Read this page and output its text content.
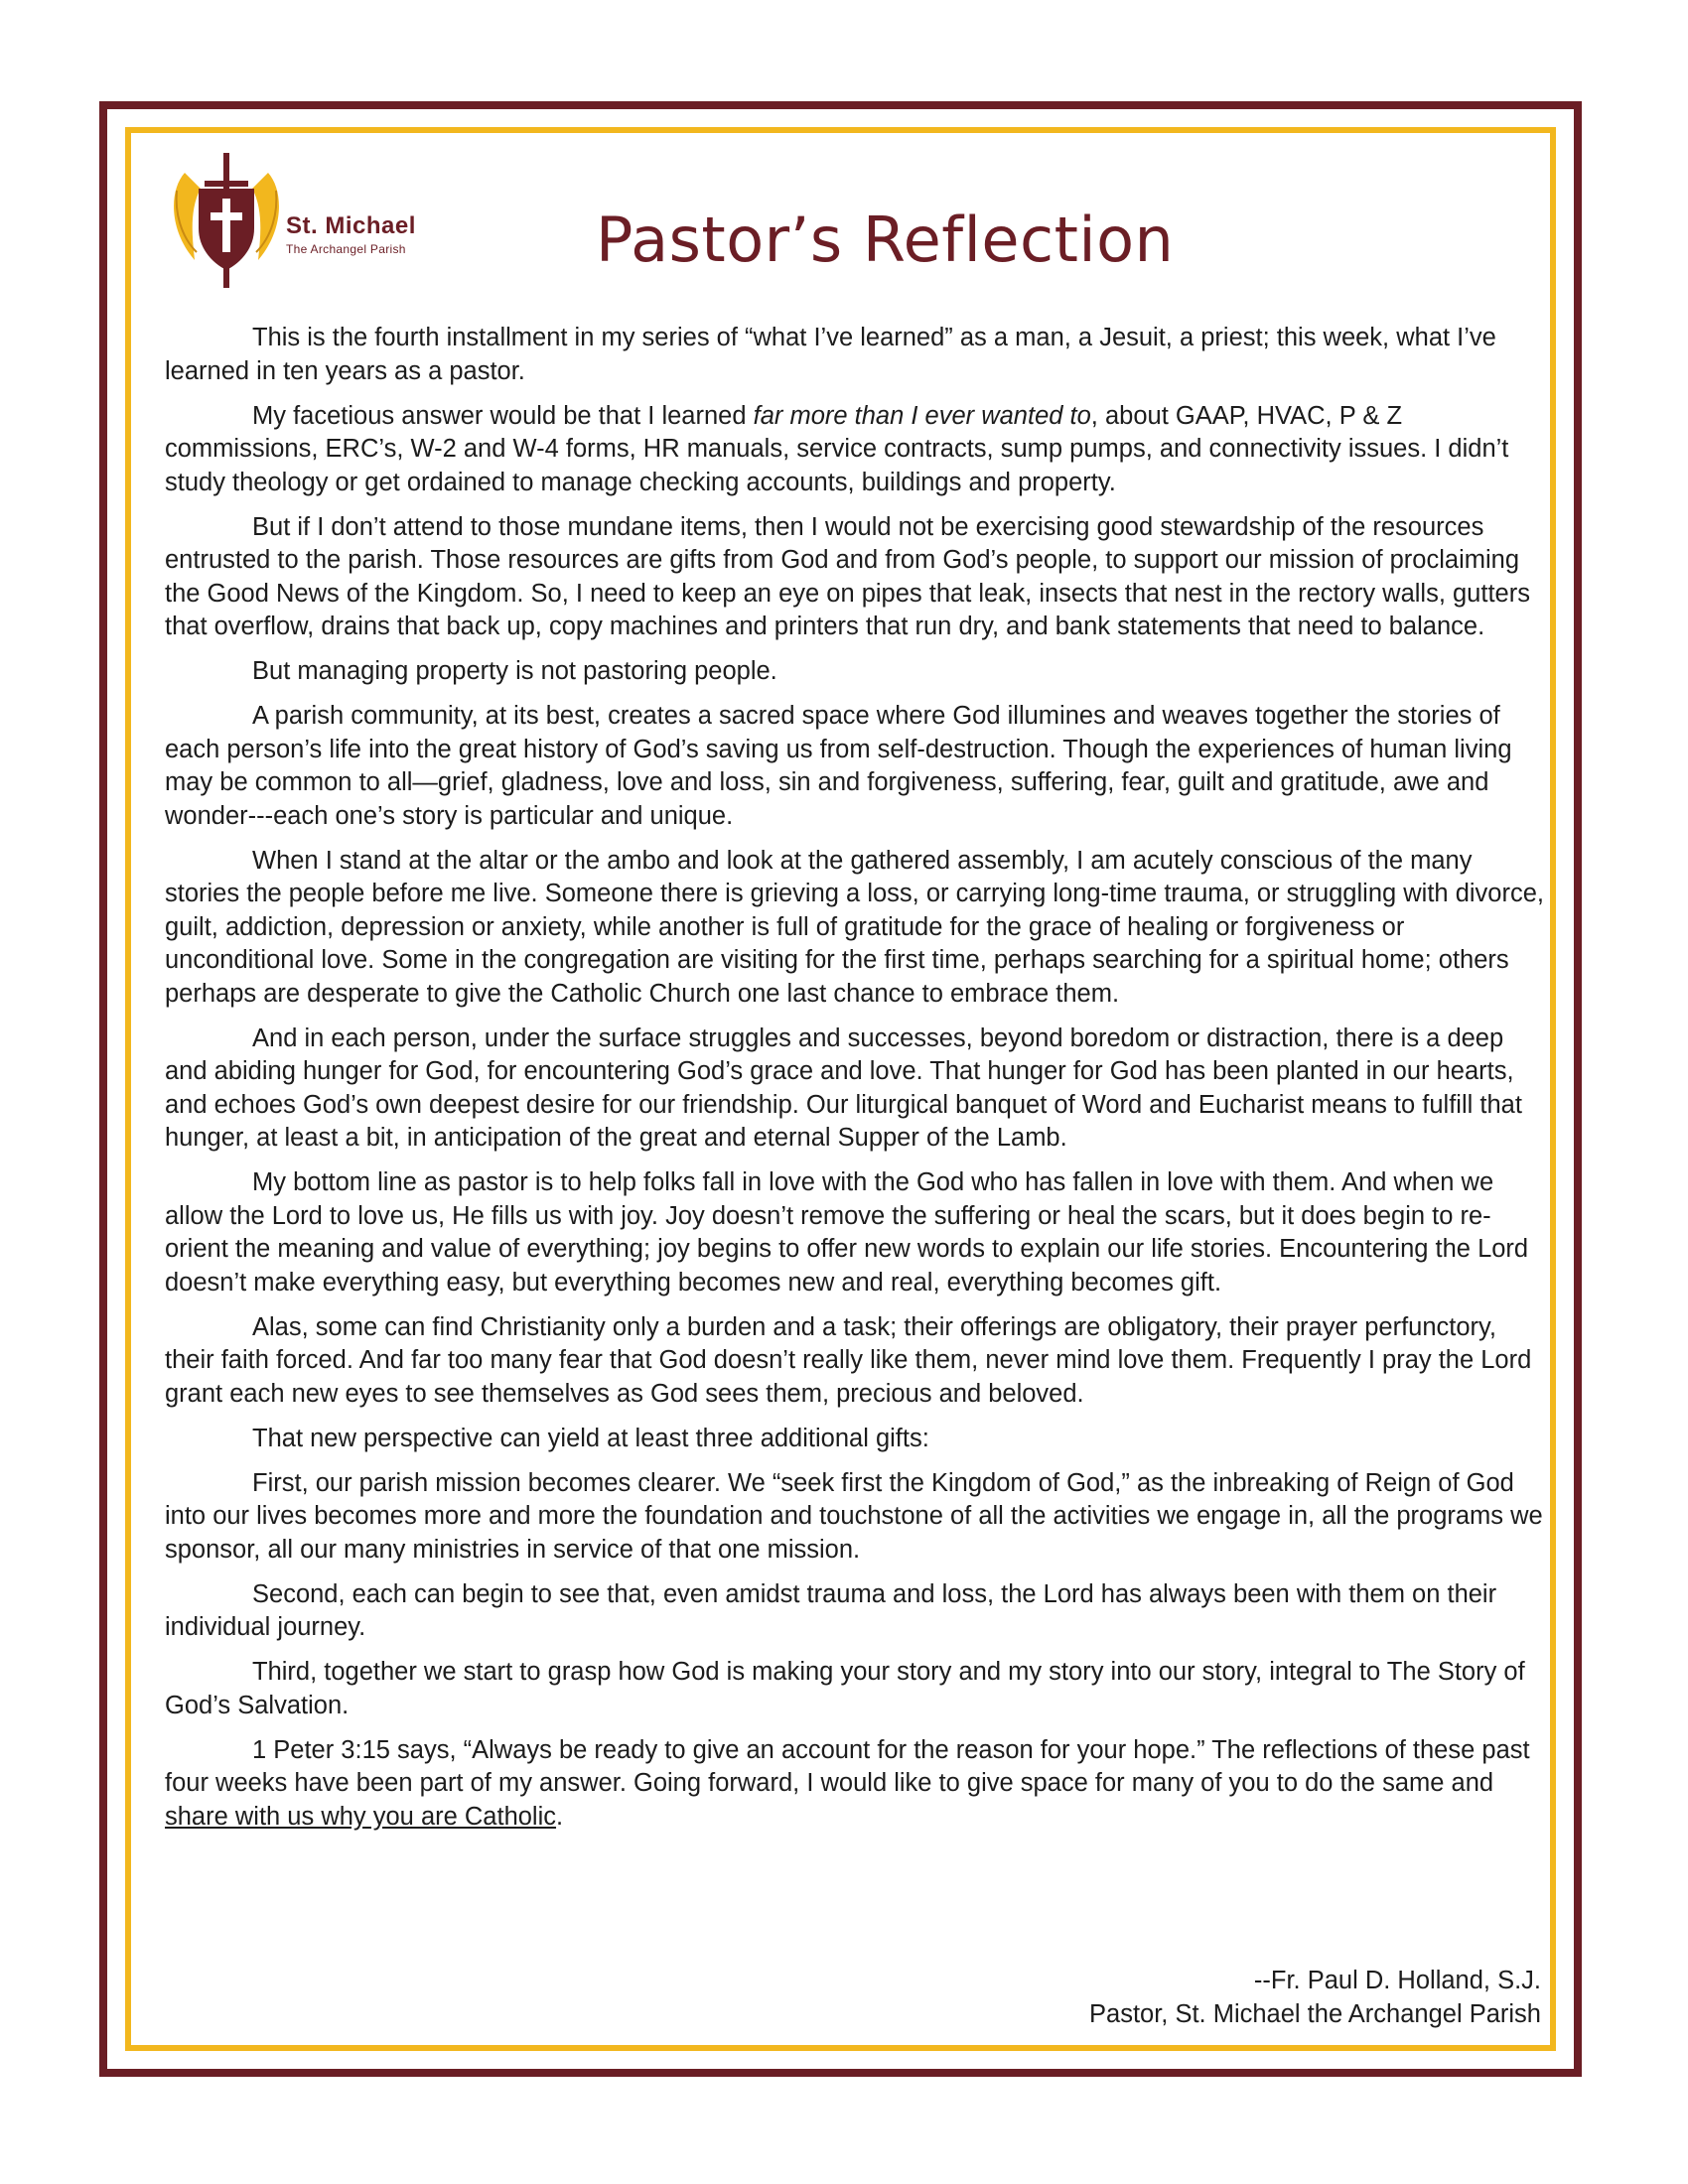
St. Michael
The Archangel Parish	Pastor’s Reflection

This is the fourth installment in my series of “what I’ve learned” as a man, a Jesuit, a priest; this week, what I’ve learned in ten years as a pastor.

My facetious answer would be that I learned far more than I ever wanted to, about GAAP, HVAC, P & Z commissions, ERC’s, W-2 and W-4 forms, HR manuals, service contracts, sump pumps, and connectivity issues. I didn’t study theology or get ordained to manage checking accounts, buildings and property.

But if I don’t attend to those mundane items, then I would not be exercising good stewardship of the resources entrusted to the parish. Those resources are gifts from God and from God’s people, to support our mission of proclaiming the Good News of the Kingdom. So, I need to keep an eye on pipes that leak, insects that nest in the rectory walls, gutters that overflow, drains that back up, copy machines and printers that run dry, and bank statements that need to balance.

But managing property is not pastoring people.

A parish community, at its best, creates a sacred space where God illumines and weaves together the stories of each person’s life into the great history of God’s saving us from self-destruction. Though the experiences of human living may be common to all—grief, gladness, love and loss, sin and forgiveness, suffering, fear, guilt and gratitude, awe and wonder---each one’s story is particular and unique.

When I stand at the altar or the ambo and look at the gathered assembly, I am acutely conscious of the many stories the people before me live. Someone there is grieving a loss, or carrying long-time trauma, or struggling with divorce, guilt, addiction, depression or anxiety, while another is full of gratitude for the grace of healing or forgiveness or unconditional love. Some in the congregation are visiting for the first time, perhaps searching for a spiritual home; others perhaps are desperate to give the Catholic Church one last chance to embrace them.

And in each person, under the surface struggles and successes, beyond boredom or distraction, there is a deep and abiding hunger for God, for encountering God’s grace and love. That hunger for God has been planted in our hearts, and echoes God’s own deepest desire for our friendship. Our liturgical banquet of Word and Eucharist means to fulfill that hunger, at least a bit, in anticipation of the great and eternal Supper of the Lamb.

My bottom line as pastor is to help folks fall in love with the God who has fallen in love with them. And when we allow the Lord to love us, He fills us with joy. Joy doesn’t remove the suffering or heal the scars, but it does begin to re-orient the meaning and value of everything; joy begins to offer new words to explain our life stories. Encountering the Lord doesn’t make everything easy, but everything becomes new and real, everything becomes gift.

Alas, some can find Christianity only a burden and a task; their offerings are obligatory, their prayer perfunctory, their faith forced. And far too many fear that God doesn’t really like them, never mind love them. Frequently I pray the Lord grant each new eyes to see themselves as God sees them, precious and beloved.

That new perspective can yield at least three additional gifts:

First, our parish mission becomes clearer. We “seek first the Kingdom of God,” as the inbreaking of Reign of God into our lives becomes more and more the foundation and touchstone of all the activities we engage in, all the programs we sponsor, all our many ministries in service of that one mission.

Second, each can begin to see that, even amidst trauma and loss, the Lord has always been with them on their individual journey.

Third, together we start to grasp how God is making your story and my story into our story, integral to The Story of God’s Salvation.

1 Peter 3:15 says, “Always be ready to give an account for the reason for your hope.” The reflections of these past four weeks have been part of my answer. Going forward, I would like to give space for many of you to do the same and share with us why you are Catholic.

--Fr. Paul D. Holland, S.J.
Pastor, St. Michael the Archangel Parish
